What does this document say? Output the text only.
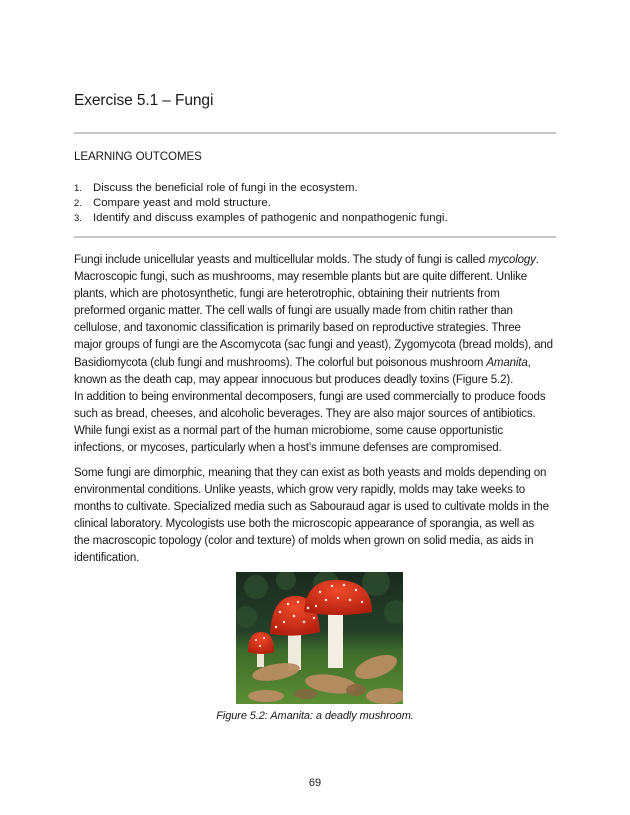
Exercise 5.1 – Fungi
LEARNING OUTCOMES
1. Discuss the beneficial role of fungi in the ecosystem.
2. Compare yeast and mold structure.
3. Identify and discuss examples of pathogenic and nonpathogenic fungi.

Fungi include unicellular yeasts and multicellular molds. The study of fungi is called mycology.
Macroscopic fungi, such as mushrooms, may resemble plants but are quite different. Unlike
plants, which are photosynthetic, fungi are heterotrophic, obtaining their nutrients from
preformed organic matter. The cell walls of fungi are usually made from chitin rather than
cellulose, and taxonomic classification is primarily based on reproductive strategies. Three
major groups of fungi are the Ascomycota (sac fungi and yeast), Zygomycota (bread molds), and
Basidiomycota (club fungi and mushrooms). The colorful but poisonous mushroom Amanita,
known as the death cap, may appear innocuous but produces deadly toxins (Figure 5.2).

In addition to being environmental decomposers, fungi are used commercially to produce foods
such as bread, cheeses, and alcoholic beverages. They are also major sources of antibiotics.
While fungi exist as a normal part of the human microbiome, some cause opportunistic
infections, or mycoses, particularly when a host’s immune defenses are compromised.

Some fungi are dimorphic, meaning that they can exist as both yeasts and molds depending on
environmental conditions. Unlike yeasts, which grow very rapidly, molds may take weeks to
months to cultivate. Specialized media such as Sabouraud agar is used to cultivate molds in the
clinical laboratory. Mycologists use both the microscopic appearance of sporangia, as well as
the macroscopic topology (color and texture) of molds when grown on solid media, as aids in
identification.

Figure 5.2: Amanita: a deadly mushroom.
69
